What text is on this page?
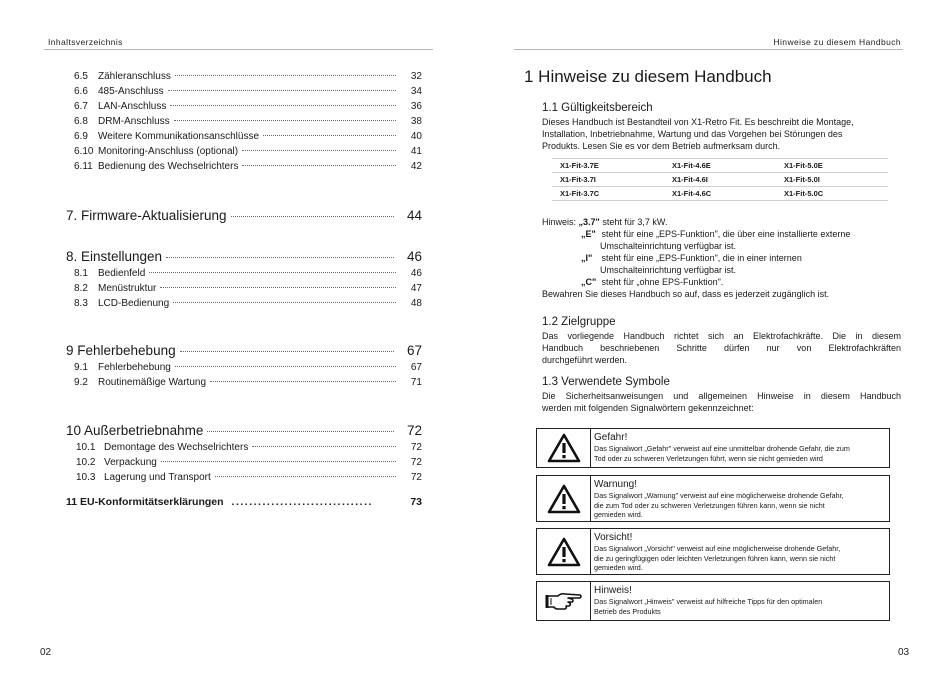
Inhaltsverzeichnis
6.5	Zähleranschluss	32
6.6	485-Anschluss	34
6.7	LAN-Anschluss	36
6.8	DRM-Anschluss	38
6.9	Weitere Kommunikationsanschlüsse	40
6.10 Monitoring-Anschluss (optional)	41
6.11 Bedienung des Wechselrichters	42
7. Firmware-Aktualisierung	44
8. Einstellungen	46
8.1	Bedienfeld	46
8.2	Menüstruktur	47
8.3	LCD-Bedienung	48
9 Fehlerbehebung	67
9.1	Fehlerbehebung	67
9.2	Routinemäßige Wartung	71
10 Außerbetriebnahme	72
10.1 Demontage des Wechselrichters	72
10.2 Verpackung	72
10.3 Lagerung und Transport	72
11 EU-Konformitätserklärungen ................................	73
02
Hinweise zu diesem Handbuch
1 Hinweise zu diesem Handbuch
1.1 Gültigkeitsbereich
Dieses Handbuch ist Bestandteil von X1-Retro Fit. Es beschreibt die Montage,
Installation, Inbetriebnahme, Wartung und das Vorgehen bei Störungen des
Produkts. Lesen Sie es vor dem Betrieb aufmerksam durch.
X1-Fit-3.7E	X1-Fit-4.6E	X1-Fit-5.0E
X1-Fit-3.7I	X1-Fit-4.6I	X1-Fit-5.0I
X1-Fit-3.7C	X1-Fit-4.6C	X1-Fit-5.0C
Hinweis: „3.7" steht für 3,7 kW.
„E" steht für eine „EPS-Funktion", die über eine installierte externe
Umschalteinrichtung verfügbar ist.
„I" steht für eine „EPS-Funktion", die in einer internen
Umschalteinrichtung verfügbar ist.
„C" steht für „ohne EPS-Funktion".
Bewahren Sie dieses Handbuch so auf, dass es jederzeit zugänglich ist.
1.2 Zielgruppe
Das vorliegende Handbuch richtet sich an Elektrofachkräfte. Die in diesem
Handbuch beschriebenen Schritte dürfen nur von Elektrofachkräften
durchgeführt werden.
1.3 Verwendete Symbole
Die Sicherheitsanweisungen und allgemeinen Hinweise in diesem Handbuch
werden mit folgenden Signalwörtern gekennzeichnet:
Gefahr!
Das Signalwort „Gefahr" verweist auf eine unmittelbar drohende Gefahr, die zum
Tod oder zu schweren Verletzungen führt, wenn sie nicht gemieden wird
Warnung!
Das Signalwort „Warnung" verweist auf eine möglicherweise drohende Gefahr,
die zum Tod oder zu schweren Verletzungen führen kann, wenn sie nicht
gemieden wird.
Vorsicht!
Das Signalwort „Vorsicht" verweist auf eine möglicherweise drohende Gefahr,
die zu geringfügigen oder leichten Verletzungen führen kann, wenn sie nicht
gemieden wird.
Hinweis!
Das Signalwort „Hinweis" verweist auf hilfreiche Tipps für den optimalen
Betrieb des Produkts
03
